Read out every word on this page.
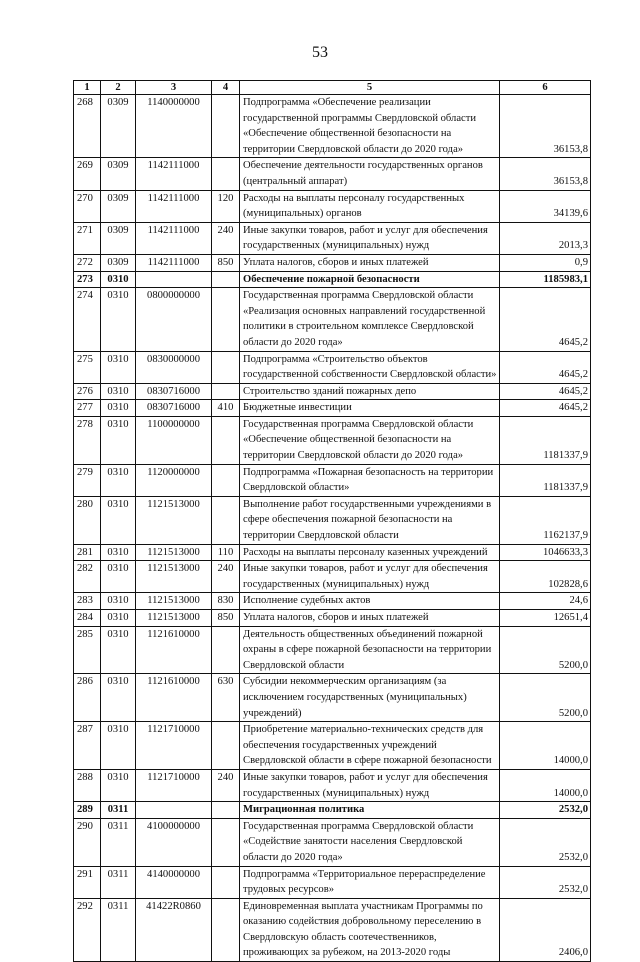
53
1	2	3	4	5	6
268	0309	1140000000		Подпрограмма «Обеспечение реализации
государственной программы Свердловской области
«Обеспечение общественной безопасности на
территории Свердловской области до 2020 года»	36153,8
269	0309	1142111000		Обеспечение деятельности государственных органов
(центральный аппарат)	36153,8
270	0309	1142111000	120	Расходы на выплаты персоналу государственных
(муниципальных) органов	34139,6
271	0309	1142111000	240	Иные закупки товаров, работ и услуг для обеспечения
государственных (муниципальных) нужд	2013,3
272	0309	1142111000	850	Уплата налогов, сборов и иных платежей	0,9
273	0310			Обеспечение пожарной безопасности	1185983,1
274	0310	0800000000		Государственная программа Свердловской области
«Реализация основных направлений государственной
политики в строительном комплексе Свердловской
области до 2020 года»	4645,2
275	0310	0830000000		Подпрограмма «Строительство объектов
государственной собственности Свердловской области»	4645,2
276	0310	0830716000		Строительство зданий пожарных депо	4645,2
277	0310	0830716000	410	Бюджетные инвестиции	4645,2
278	0310	1100000000		Государственная программа Свердловской области
«Обеспечение общественной безопасности на
территории Свердловской области до 2020 года»	1181337,9
279	0310	1120000000		Подпрограмма «Пожарная безопасность на территории
Свердловской области»	1181337,9
280	0310	1121513000		Выполнение работ государственными учреждениями в
сфере обеспечения пожарной безопасности на
территории Свердловской области	1162137,9
281	0310	1121513000	110	Расходы на выплаты персоналу казенных учреждений	1046633,3
282	0310	1121513000	240	Иные закупки товаров, работ и услуг для обеспечения
государственных (муниципальных) нужд	102828,6
283	0310	1121513000	830	Исполнение судебных актов	24,6
284	0310	1121513000	850	Уплата налогов, сборов и иных платежей	12651,4
285	0310	1121610000		Деятельность общественных объединений пожарной
охраны в сфере пожарной безопасности на территории
Свердловской области	5200,0
286	0310	1121610000	630	Субсидии некоммерческим организациям (за
исключением государственных (муниципальных)
учреждений)	5200,0
287	0310	1121710000		Приобретение материально-технических средств для
обеспечения государственных учреждений
Свердловской области в сфере пожарной безопасности	14000,0
288	0310	1121710000	240	Иные закупки товаров, работ и услуг для обеспечения
государственных (муниципальных) нужд	14000,0
289	0311			Миграционная политика	2532,0
290	0311	4100000000		Государственная программа Свердловской области
«Содействие занятости населения Свердловской
области до 2020 года»	2532,0
291	0311	4140000000		Подпрограмма «Территориальное перераспределение
трудовых ресурсов»	2532,0
292	0311	41422R0860		Единовременная выплата участникам Программы по
оказанию содействия добровольному переселению в
Свердловскую область соотечественников,
проживающих за рубежом, на 2013-2020 годы	2406,0
